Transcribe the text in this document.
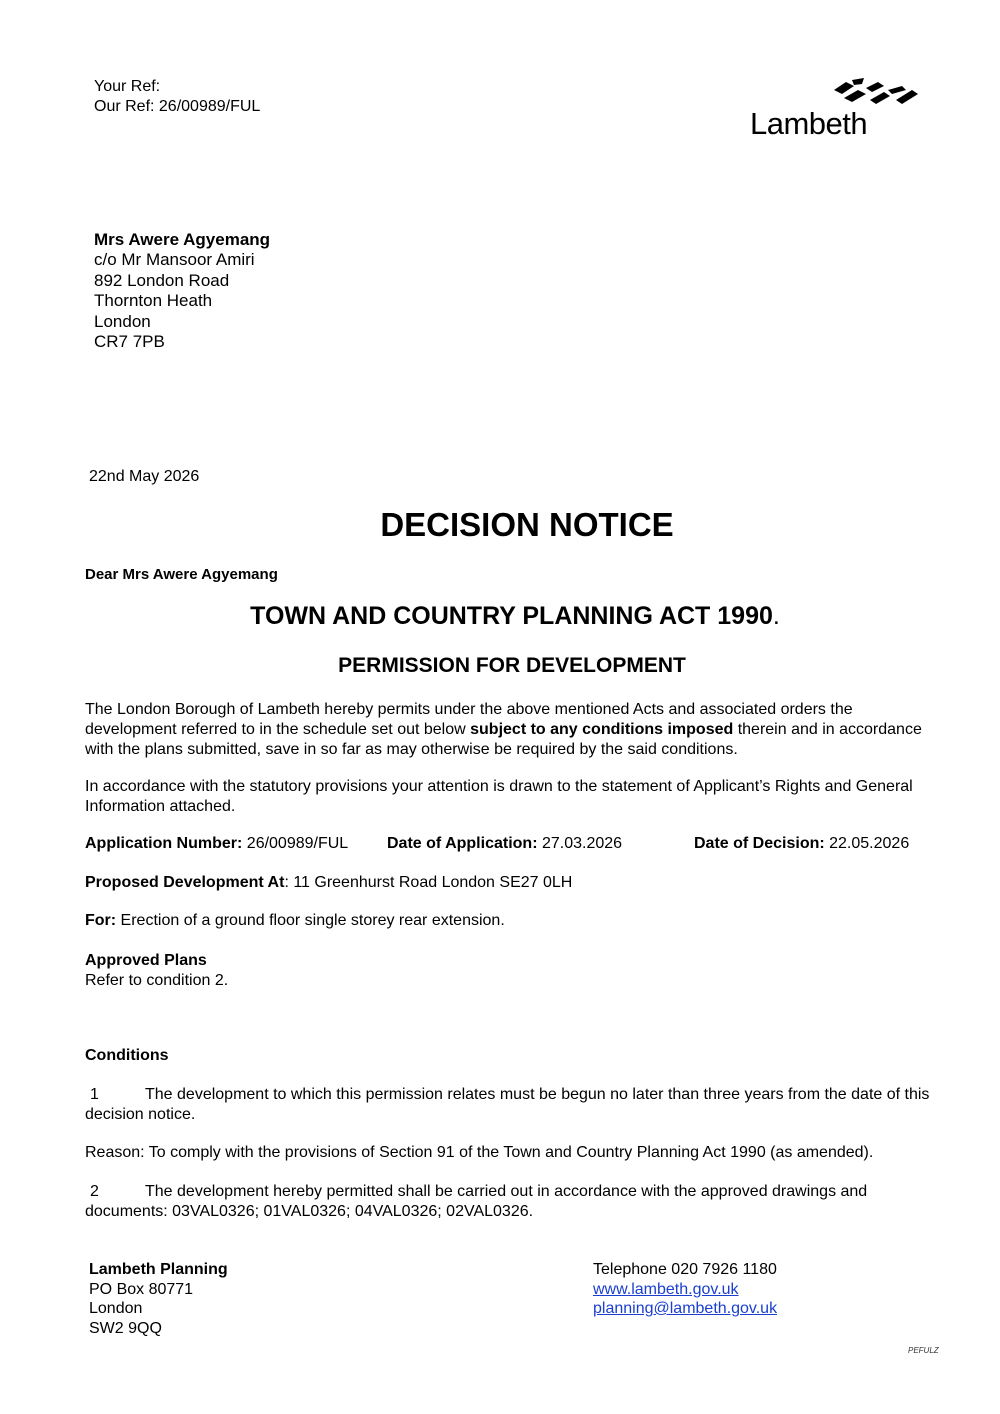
Your Ref:
Our Ref: 26/00989/FUL	Lambeth
Mrs Awere Agyemang
c/o Mr Mansoor Amiri
892 London Road
Thornton Heath
London
CR7 7PB
22nd May 2026
DECISION NOTICE
Dear Mrs Awere Agyemang
TOWN AND COUNTRY PLANNING ACT 1990.
PERMISSION FOR DEVELOPMENT
The London Borough of Lambeth hereby permits under the above mentioned Acts and associated orders the development referred to in the schedule set out below subject to any conditions imposed therein and in accordance with the plans submitted, save in so far as may otherwise be required by the said conditions.
In accordance with the statutory provisions your attention is drawn to the statement of Applicant’s Rights and General Information attached.
Application Number: 26/00989/FUL Date of Application: 27.03.2026	Date of Decision: 22.05.2026
Proposed Development At: 11 Greenhurst Road London SE27 0LH
For: Erection of a ground floor single storey rear extension.
Approved Plans
Refer to condition 2.
Conditions
1	The development to which this permission relates must be begun no later than three years from the date of this decision notice.
Reason: To comply with the provisions of Section 91 of the Town and Country Planning Act 1990 (as amended).
2	The development hereby permitted shall be carried out in accordance with the approved drawings and documents: 03VAL0326; 01VAL0326; 04VAL0326; 02VAL0326.
Lambeth Planning
PO Box 80771
London
SW2 9QQ
Telephone 020 7926 1180
www.lambeth.gov.uk
planning@lambeth.gov.uk
PEFULZ
